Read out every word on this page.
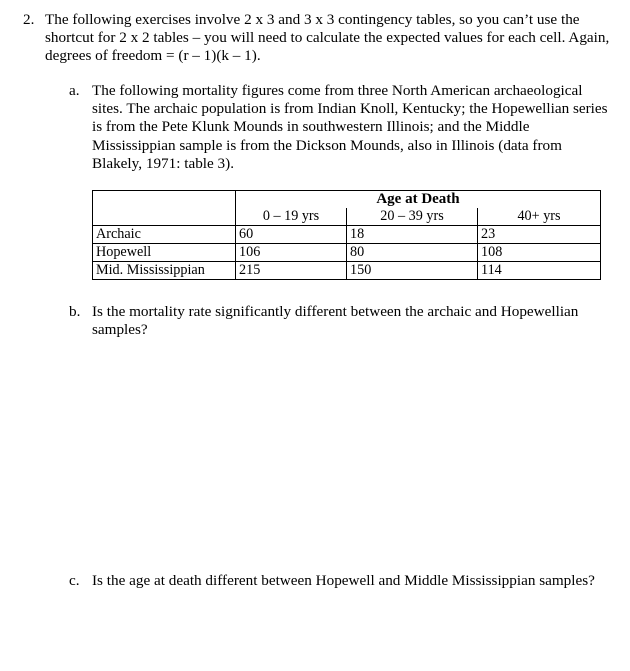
2. The following exercises involve 2 x 3 and 3 x 3 contingency tables, so you can’t use the shortcut for 2 x 2 tables – you will need to calculate the expected values for each cell. Again, degrees of freedom = (r – 1)(k – 1).
a. The following mortality figures come from three North American archaeological sites. The archaic population is from Indian Knoll, Kentucky; the Hopewellian series is from the Pete Klunk Mounds in southwestern Illinois; and the Middle Mississippian sample is from the Dickson Mounds, also in Illinois (data from Blakely, 1971: table 3).
	Age at Death		
	0 – 19 yrs	20 – 39 yrs	40+ yrs
Archaic	60	18	23
Hopewell	106	80	108
Mid. Mississippian	215	150	114
b. Is the mortality rate significantly different between the archaic and Hopewellian samples?
c. Is the age at death different between Hopewell and Middle Mississippian samples?
